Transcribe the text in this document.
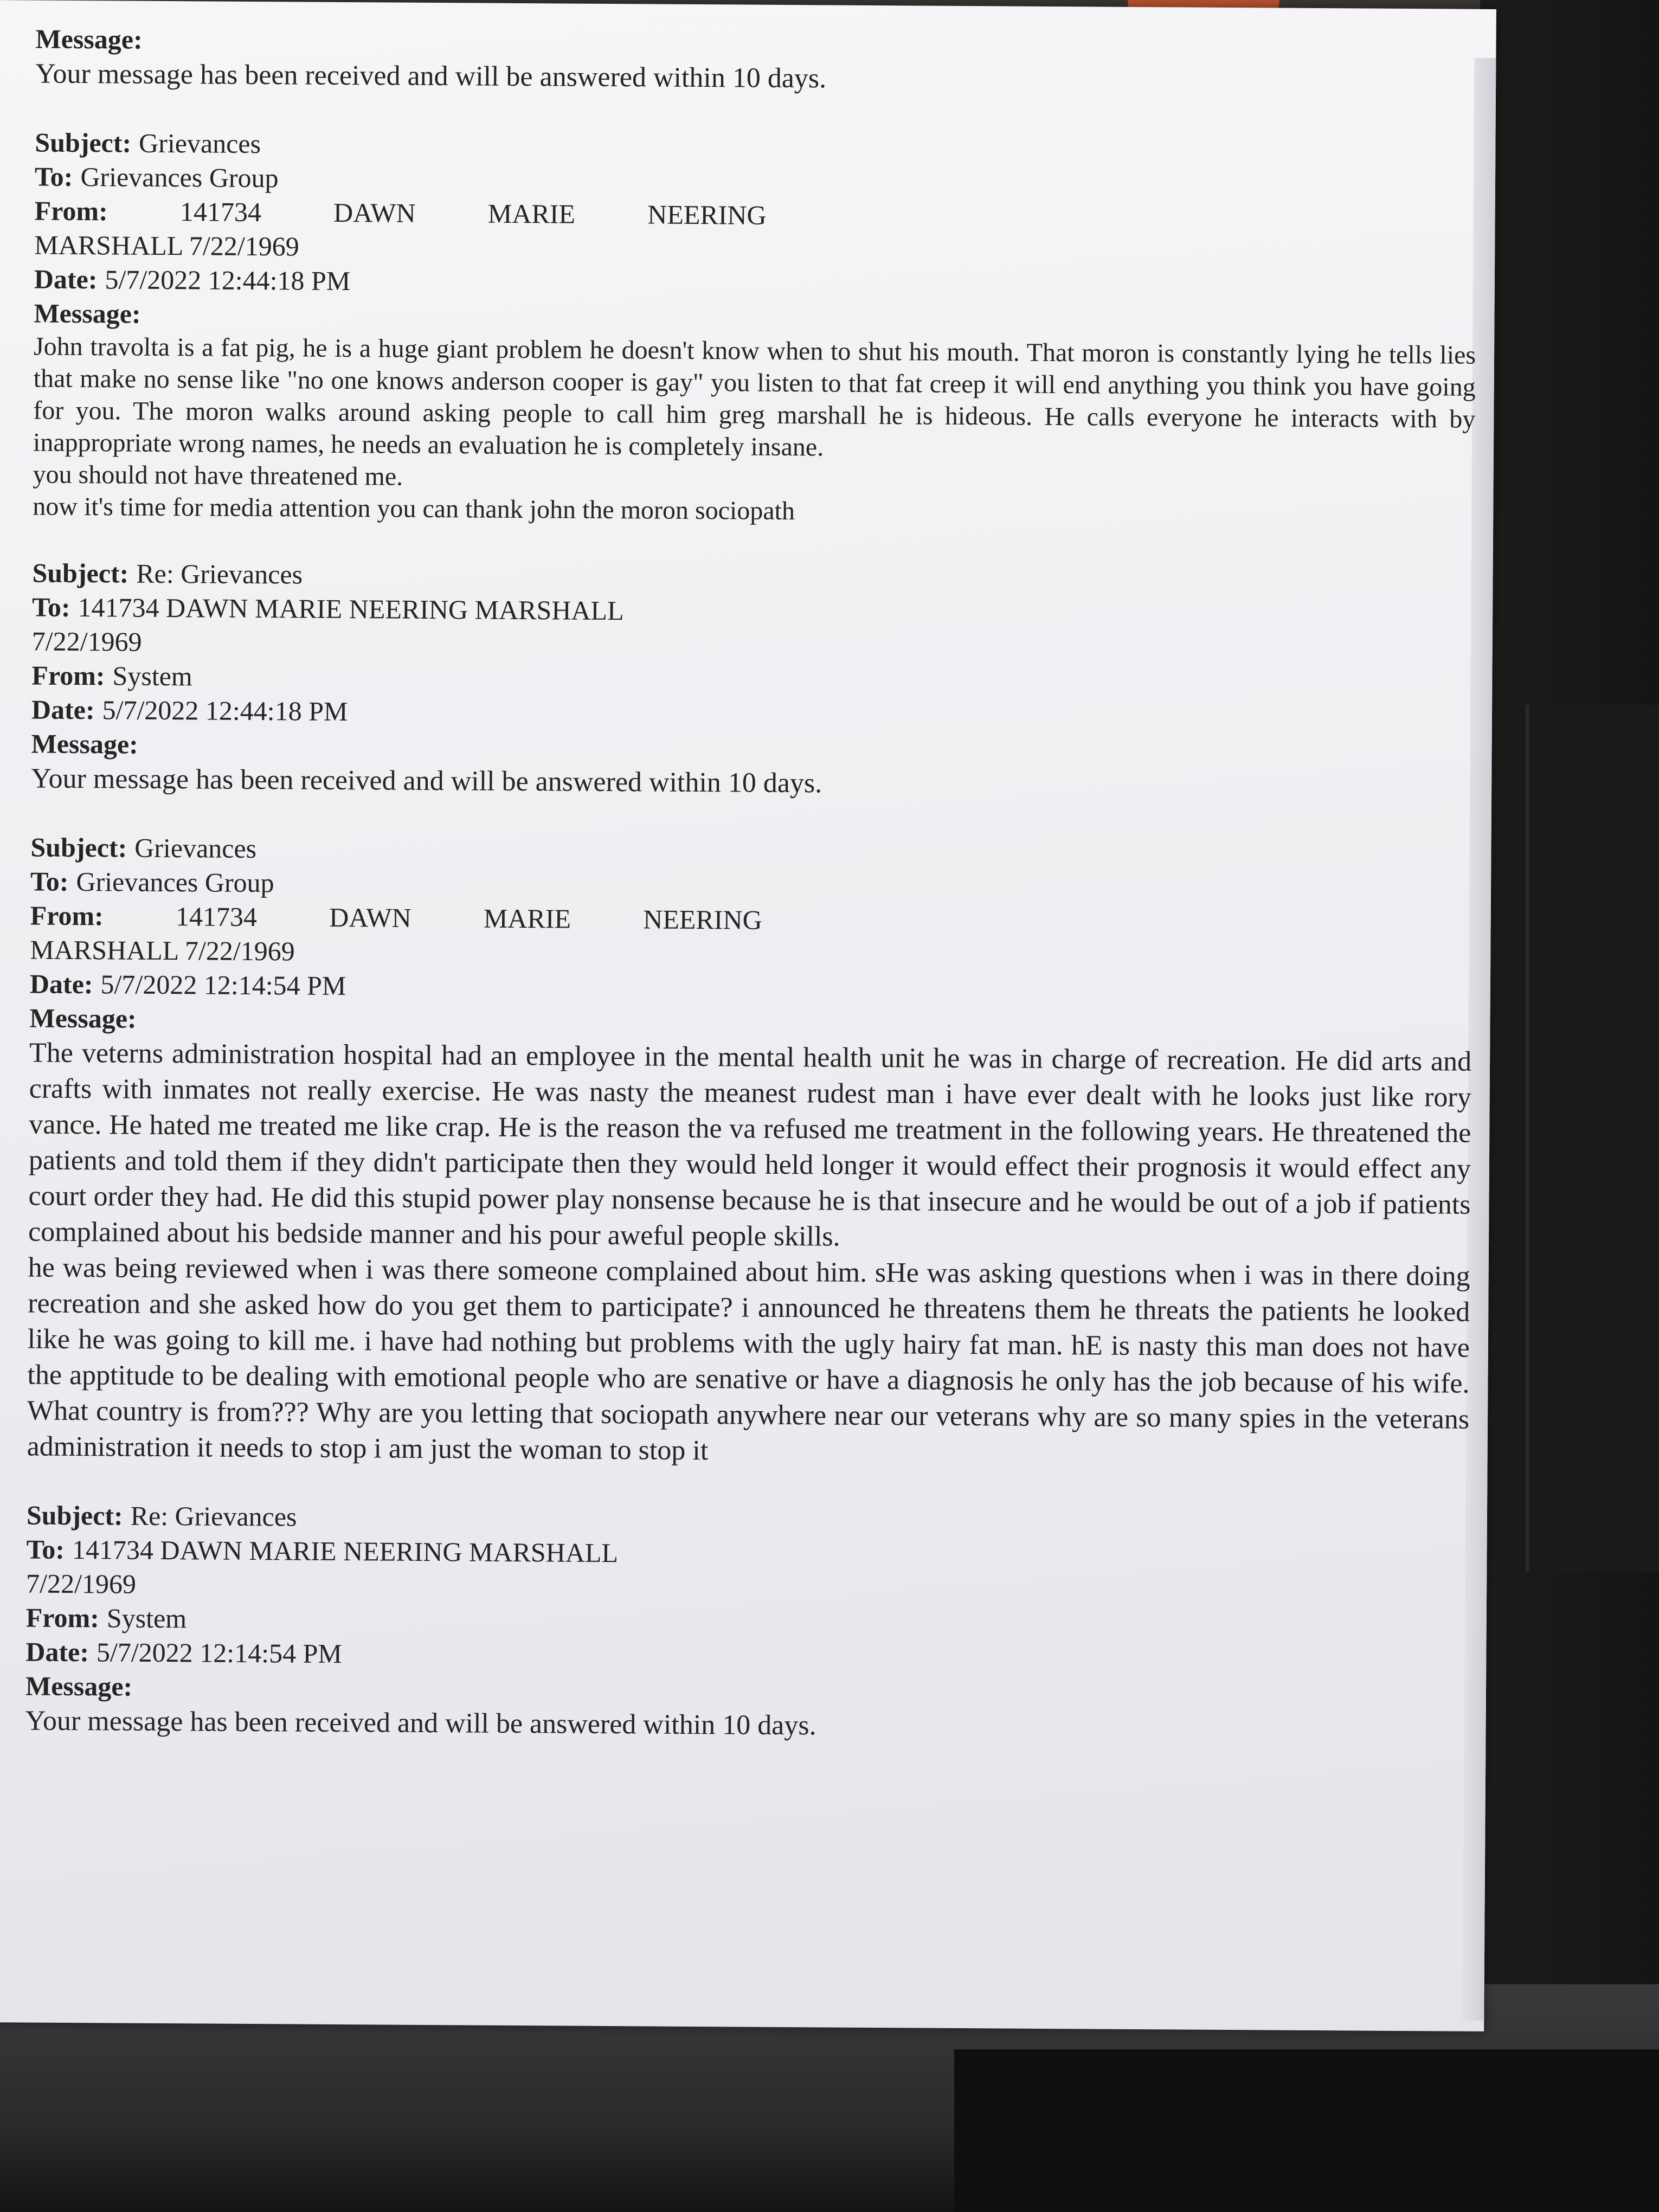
Message:
Your message has been received and will be answered within 10 days.
Subject: Grievances
To: Grievances Group
From:	141734	DAWN	MARIE	NEERING
MARSHALL 7/22/1969
Date: 5/7/2022 12:44:18 PM
Message:
John travolta is a fat pig, he is a huge giant problem he doesn't know when to shut his mouth. That moron is constantly lying he tells lies that make no sense like "no one knows anderson cooper is gay" you listen to that fat creep it will end anything you think you have going for you. The moron walks around asking people to call him greg marshall he is hideous. He calls everyone he interacts with by inappropriate wrong names, he needs an evaluation he is completely insane.
you should not have threatened me.
now it's time for media attention you can thank john the moron sociopath
Subject: Re: Grievances
To: 141734 DAWN MARIE NEERING MARSHALL
7/22/1969
From: System
Date: 5/7/2022 12:44:18 PM
Message:
Your message has been received and will be answered within 10 days.
Subject: Grievances
To: Grievances Group
From:	141734	DAWN	MARIE	NEERING
MARSHALL 7/22/1969
Date: 5/7/2022 12:14:54 PM
Message:
The veterns administration hospital had an employee in the mental health unit he was in charge of recreation. He did arts and crafts with inmates not really exercise. He was nasty the meanest rudest man i have ever dealt with he looks just like rory vance. He hated me treated me like crap. He is the reason the va refused me treatment in the following years. He threatened the patients and told them if they didn't participate then they would held longer it would effect their prognosis it would effect any court order they had. He did this stupid power play nonsense because he is that insecure and he would be out of a job if patients complained about his bedside manner and his pour aweful people skills.
he was being reviewed when i was there someone complained about him. sHe was asking questions when i was in there doing recreation and she asked how do you get them to participate? i announced he threatens them he threats the patients he looked like he was going to kill me. i have had nothing but problems with the ugly hairy fat man. hE is nasty this man does not have the apptitude to be dealing with emotional people who are senative or have a diagnosis he only has the job because of his wife. What country is from??? Why are you letting that sociopath anywhere near our veterans why are so many spies in the veterans administration it needs to stop i am just the woman to stop it
Subject: Re: Grievances
To: 141734 DAWN MARIE NEERING MARSHALL
7/22/1969
From: System
Date: 5/7/2022 12:14:54 PM
Message:
Your message has been received and will be answered within 10 days.
